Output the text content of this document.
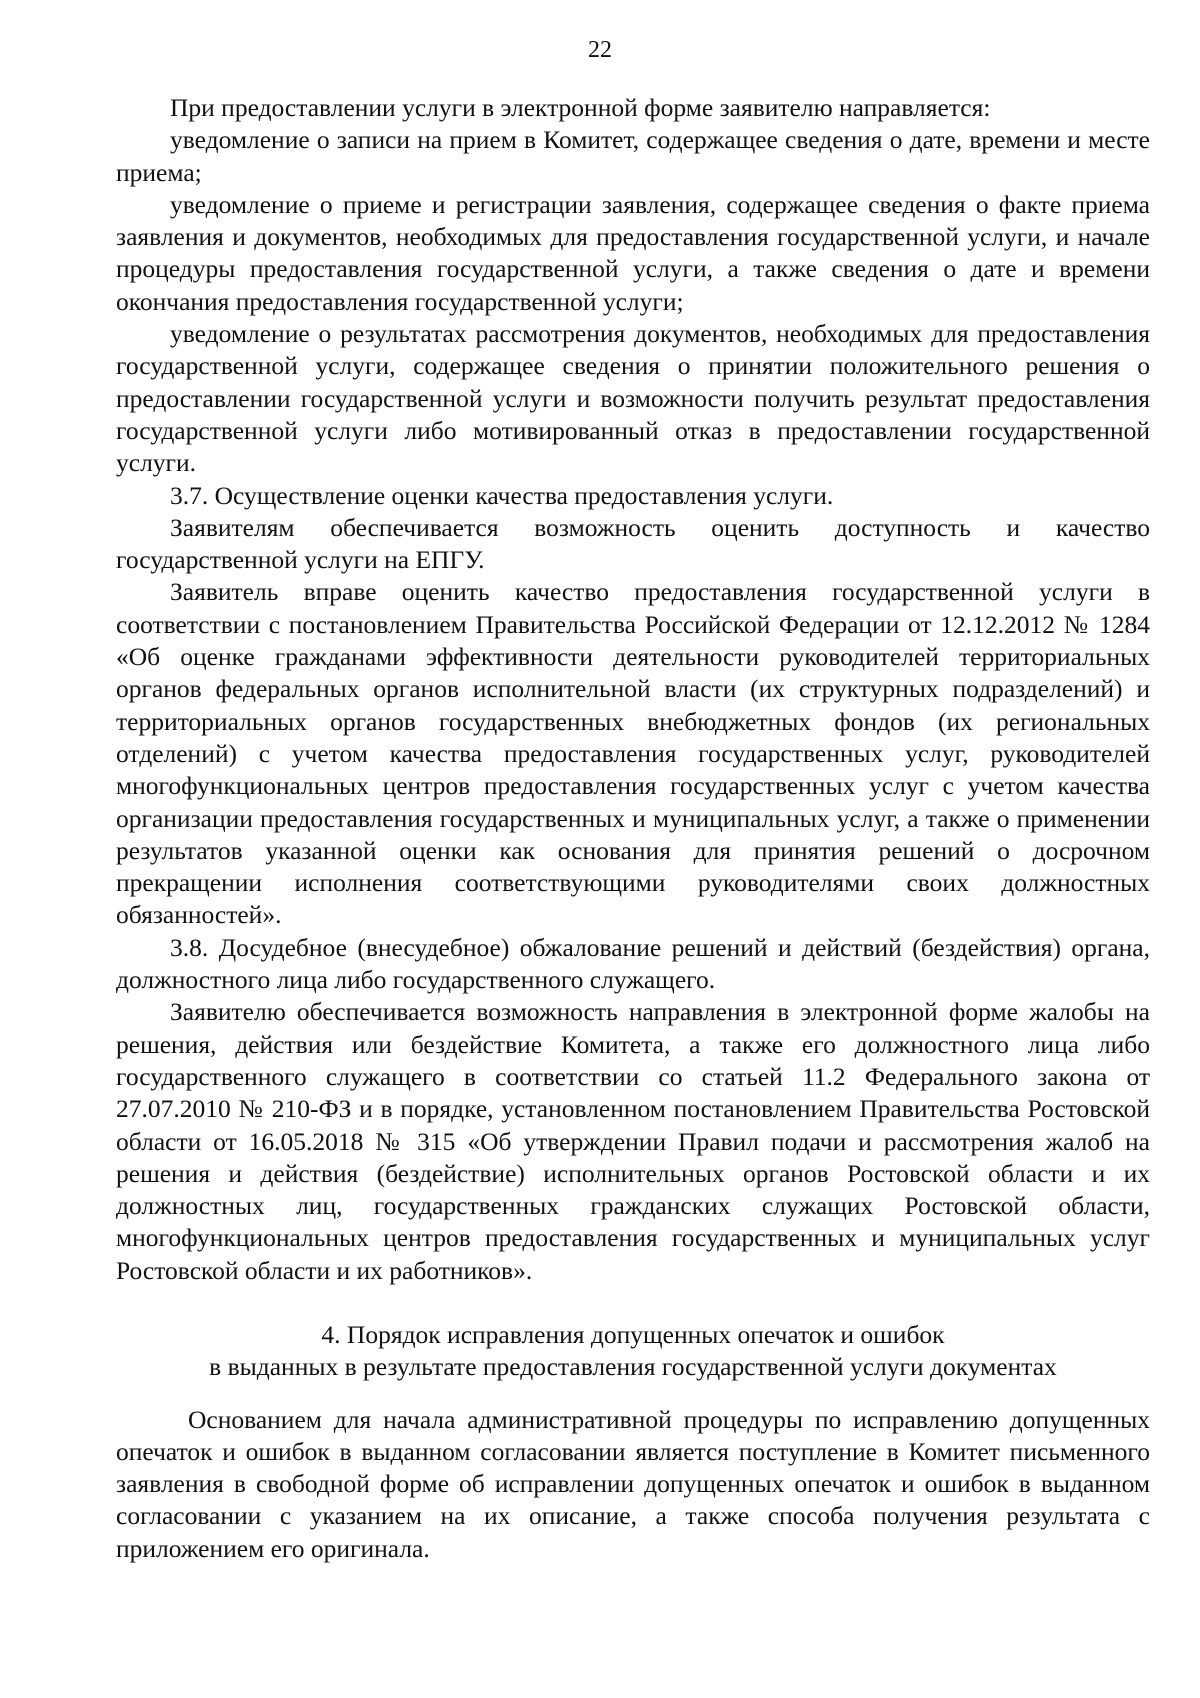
22

При предоставлении услуги в электронной форме заявителю направляется:

уведомление о записи на прием в Комитет, содержащее сведения о дате, времени и месте приема;

уведомление о приеме и регистрации заявления, содержащее сведения о факте приема заявления и документов, необходимых для предоставления государственной услуги, и начале процедуры предоставления государственной услуги, а также сведения о дате и времени окончания предоставления государственной услуги;

уведомление о результатах рассмотрения документов, необходимых для предоставления государственной услуги, содержащее сведения о принятии положительного решения о предоставлении государственной услуги и возможности получить результат предоставления государственной услуги либо мотивированный отказ в предоставлении государственной услуги.

3.7. Осуществление оценки качества предоставления услуги.

Заявителям обеспечивается возможность оценить доступность и качество государственной услуги на ЕПГУ.

Заявитель вправе оценить качество предоставления государственной услуги в соответствии с постановлением Правительства Российской Федерации от 12.12.2012 № 1284 «Об оценке гражданами эффективности деятельности руководителей территориальных органов федеральных органов исполнительной власти (их структурных подразделений) и территориальных органов государственных внебюджетных фондов (их региональных отделений) с учетом качества предоставления государственных услуг, руководителей многофункциональных центров предоставления государственных услуг с учетом качества организации предоставления государственных и муниципальных услуг, а также о применении результатов указанной оценки как основания для принятия решений о досрочном прекращении исполнения соответствующими руководителями своих должностных обязанностей».

3.8. Досудебное (внесудебное) обжалование решений и действий (бездействия) органа, должностного лица либо государственного служащего.

Заявителю обеспечивается возможность направления в электронной форме жалобы на решения, действия или бездействие Комитета, а также его должностного лица либо государственного служащего в соответствии со статьей 11.2 Федерального закона от 27.07.2010 № 210-ФЗ и в порядке, установленном постановлением Правительства Ростовской области от 16.05.2018 № 315 «Об утверждении Правил подачи и рассмотрения жалоб на решения и действия (бездействие) исполнительных органов Ростовской области и их должностных лиц, государственных гражданских служащих Ростовской области, многофункциональных центров предоставления государственных и муниципальных услуг Ростовской области и их работников».

4. Порядок исправления допущенных опечаток и ошибок
в выданных в результате предоставления государственной услуги документах

Основанием для начала административной процедуры по исправлению допущенных опечаток и ошибок в выданном согласовании является поступление в Комитет письменного заявления в свободной форме об исправлении допущенных опечаток и ошибок в выданном согласовании с указанием на их описание, а также способа получения результата с приложением его оригинала.
